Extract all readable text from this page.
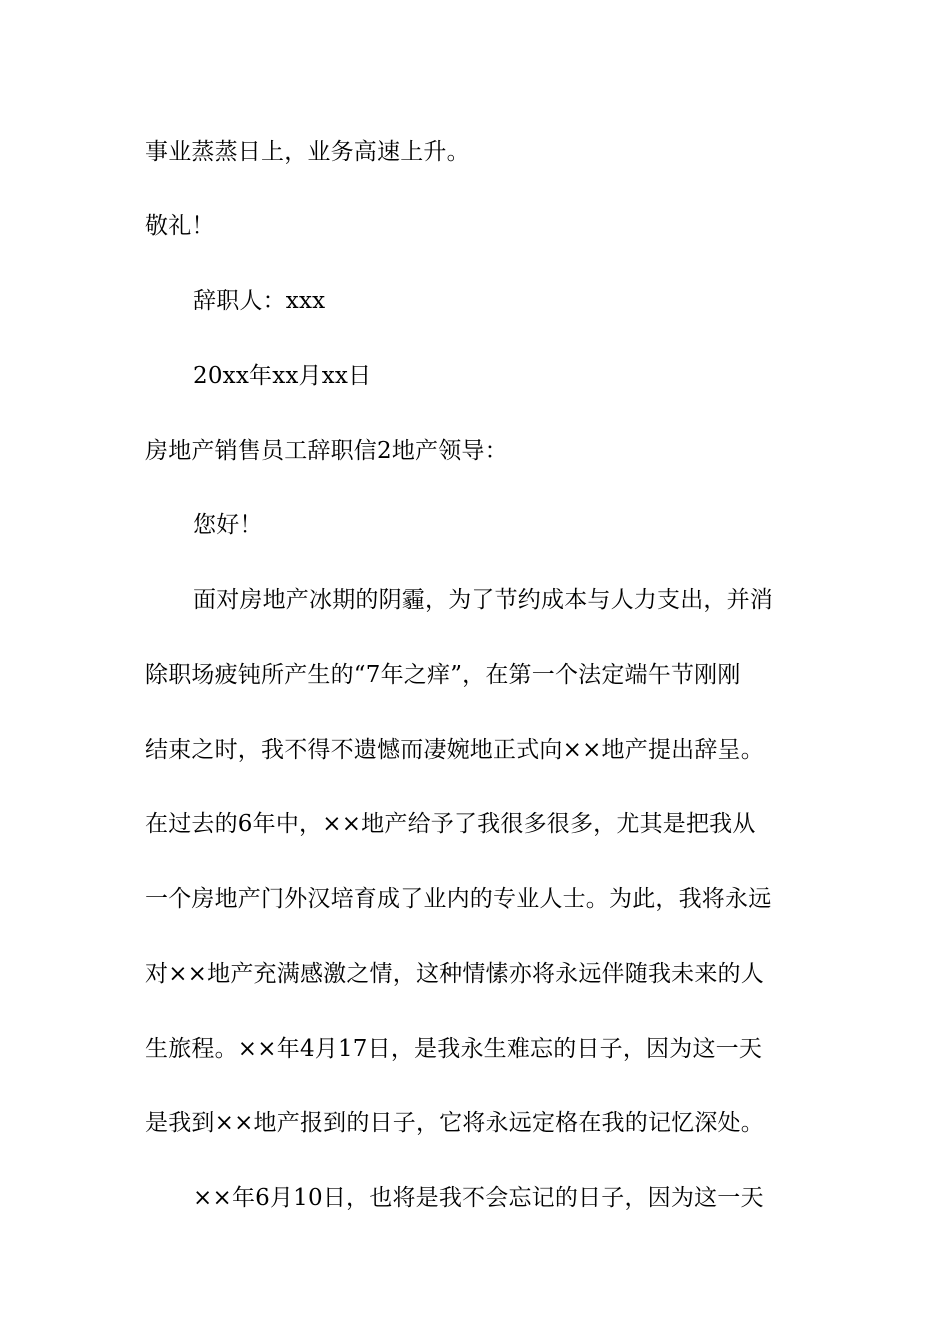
事业蒸蒸日上，业务高速上升。
敬礼！
辞职人：xxx
20xx年xx月xx日
房地产销售员工辞职信2地产领导：
您好！
面对房地产冰期的阴霾，为了节约成本与人力支出，并消
除职场疲钝所产生的“7年之痒”，在第一个法定端午节刚刚
结束之时，我不得不遗憾而凄婉地正式向××地产提出辞呈。
在过去的6年中，××地产给予了我很多很多，尤其是把我从
一个房地产门外汉培育成了业内的专业人士。为此，我将永远
对××地产充满感激之情，这种情愫亦将永远伴随我未来的人
生旅程。××年4月17日，是我永生难忘的日子，因为这一天
是我到××地产报到的日子，它将永远定格在我的记忆深处。
××年6月10日，也将是我不会忘记的日子，因为这一天
